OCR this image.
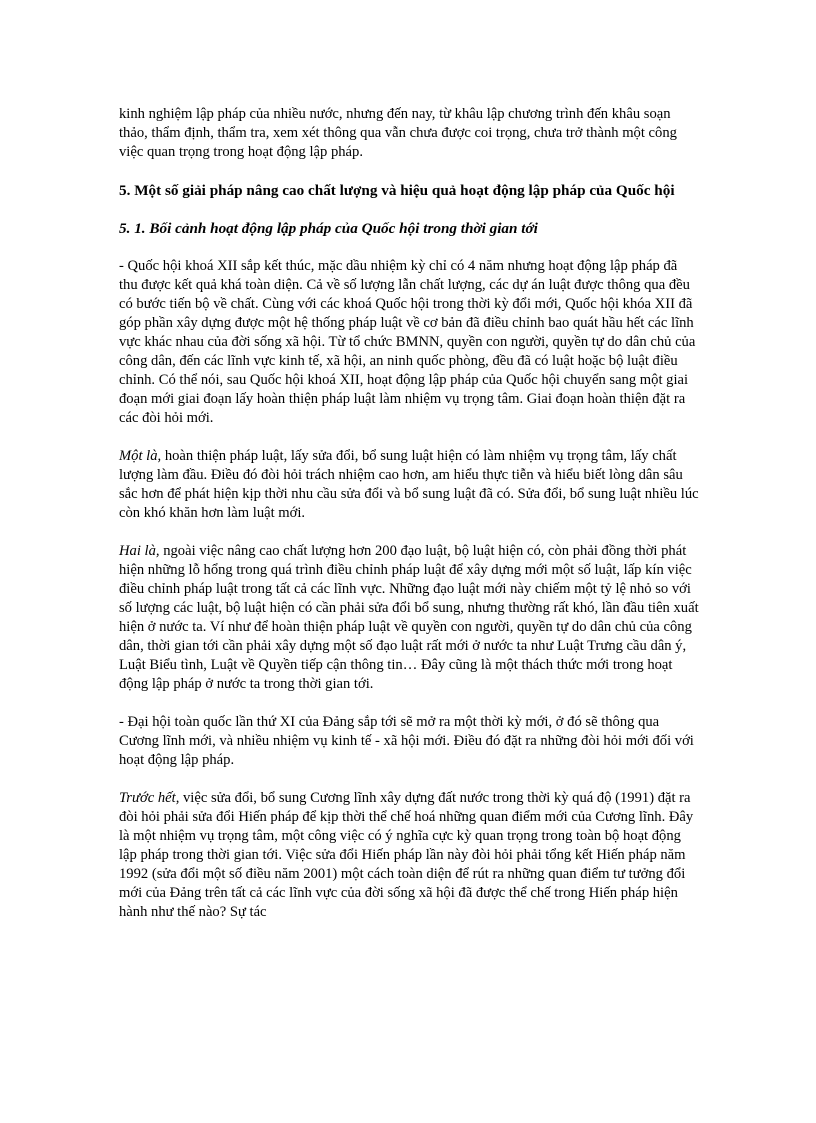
kinh nghiệm lập pháp của nhiều nước, nhưng đến nay, từ khâu lập chương trình đến khâu soạn thảo, thẩm định, thẩm tra, xem xét thông qua vẫn chưa được coi trọng, chưa trở thành một công việc quan trọng trong hoạt động lập pháp.

5. Một số giải pháp nâng cao chất lượng và hiệu quả hoạt động lập pháp của Quốc hội

5. 1. Bối cảnh hoạt động lập pháp của Quốc hội trong thời gian tới

- Quốc hội khoá XII sắp kết thúc, mặc dầu nhiệm kỳ chỉ có 4 năm nhưng hoạt động lập pháp đã thu được kết quả khá toàn diện. Cả về số lượng lẫn chất lượng, các dự án luật được thông qua đều có bước tiến bộ về chất. Cùng với các khoá Quốc hội trong thời kỳ đổi mới, Quốc hội khóa XII đã góp phần xây dựng được một hệ thống pháp luật về cơ bản đã điều chỉnh bao quát hầu hết các lĩnh vực khác nhau của đời sống xã hội. Từ tổ chức BMNN, quyền con người, quyền tự do dân chủ của công dân, đến các lĩnh vực kinh tế, xã hội, an ninh quốc phòng, đều đã có luật hoặc bộ luật điều chỉnh. Có thể nói, sau Quốc hội khoá XII, hoạt động lập pháp của Quốc hội chuyển sang một giai đoạn mới giai đoạn lấy hoàn thiện pháp luật làm nhiệm vụ trọng tâm. Giai đoạn hoàn thiện đặt ra các đòi hỏi mới.

Một là, hoàn thiện pháp luật, lấy sửa đổi, bổ sung luật hiện có làm nhiệm vụ trọng tâm, lấy chất lượng làm đầu. Điều đó đòi hỏi trách nhiệm cao hơn, am hiểu thực tiễn và hiểu biết lòng dân sâu sắc hơn để phát hiện kịp thời nhu cầu sửa đổi và bổ sung luật đã có. Sửa đổi, bổ sung luật nhiều lúc còn khó khăn hơn làm luật mới.

Hai là, ngoài việc nâng cao chất lượng hơn 200 đạo luật, bộ luật hiện có, còn phải đồng thời phát hiện những lỗ hổng trong quá trình điều chỉnh pháp luật để xây dựng mới một số luật, lấp kín việc điều chỉnh pháp luật trong tất cả các lĩnh vực. Những đạo luật mới này chiếm một tỷ lệ nhỏ so với số lượng các luật, bộ luật hiện có cần phải sửa đổi bổ sung, nhưng thường rất khó, lần đầu tiên xuất hiện ở nước ta. Ví như để hoàn thiện pháp luật về quyền con người, quyền tự do dân chủ của công dân, thời gian tới cần phải xây dựng một số đạo luật rất mới ở nước ta như Luật Trưng cầu dân ý, Luật Biểu tình, Luật về Quyền tiếp cận thông tin… Đây cũng là một thách thức mới trong hoạt động lập pháp ở nước ta trong thời gian tới.

- Đại hội toàn quốc lần thứ XI của Đảng sắp tới sẽ mở ra một thời kỳ mới, ở đó sẽ thông qua Cương lĩnh mới, và nhiều nhiệm vụ kinh tế - xã hội mới. Điều đó đặt ra những đòi hỏi mới đối với hoạt động lập pháp.

Trước hết, việc sửa đổi, bổ sung Cương lĩnh xây dựng đất nước trong thời kỳ quá độ (1991) đặt ra đòi hỏi phải sửa đổi Hiến pháp để kịp thời thể chế hoá những quan điểm mới của Cương lĩnh. Đây là một nhiệm vụ trọng tâm, một công việc có ý nghĩa cực kỳ quan trọng trong toàn bộ hoạt động lập pháp trong thời gian tới. Việc sửa đổi Hiến pháp lần này đòi hỏi phải tổng kết Hiến pháp năm 1992 (sửa đổi một số điều năm 2001) một cách toàn diện để rút ra những quan điểm tư tưởng đổi mới của Đảng trên tất cả các lĩnh vực của đời sống xã hội đã được thể chế trong Hiến pháp hiện hành như thế nào? Sự tác
